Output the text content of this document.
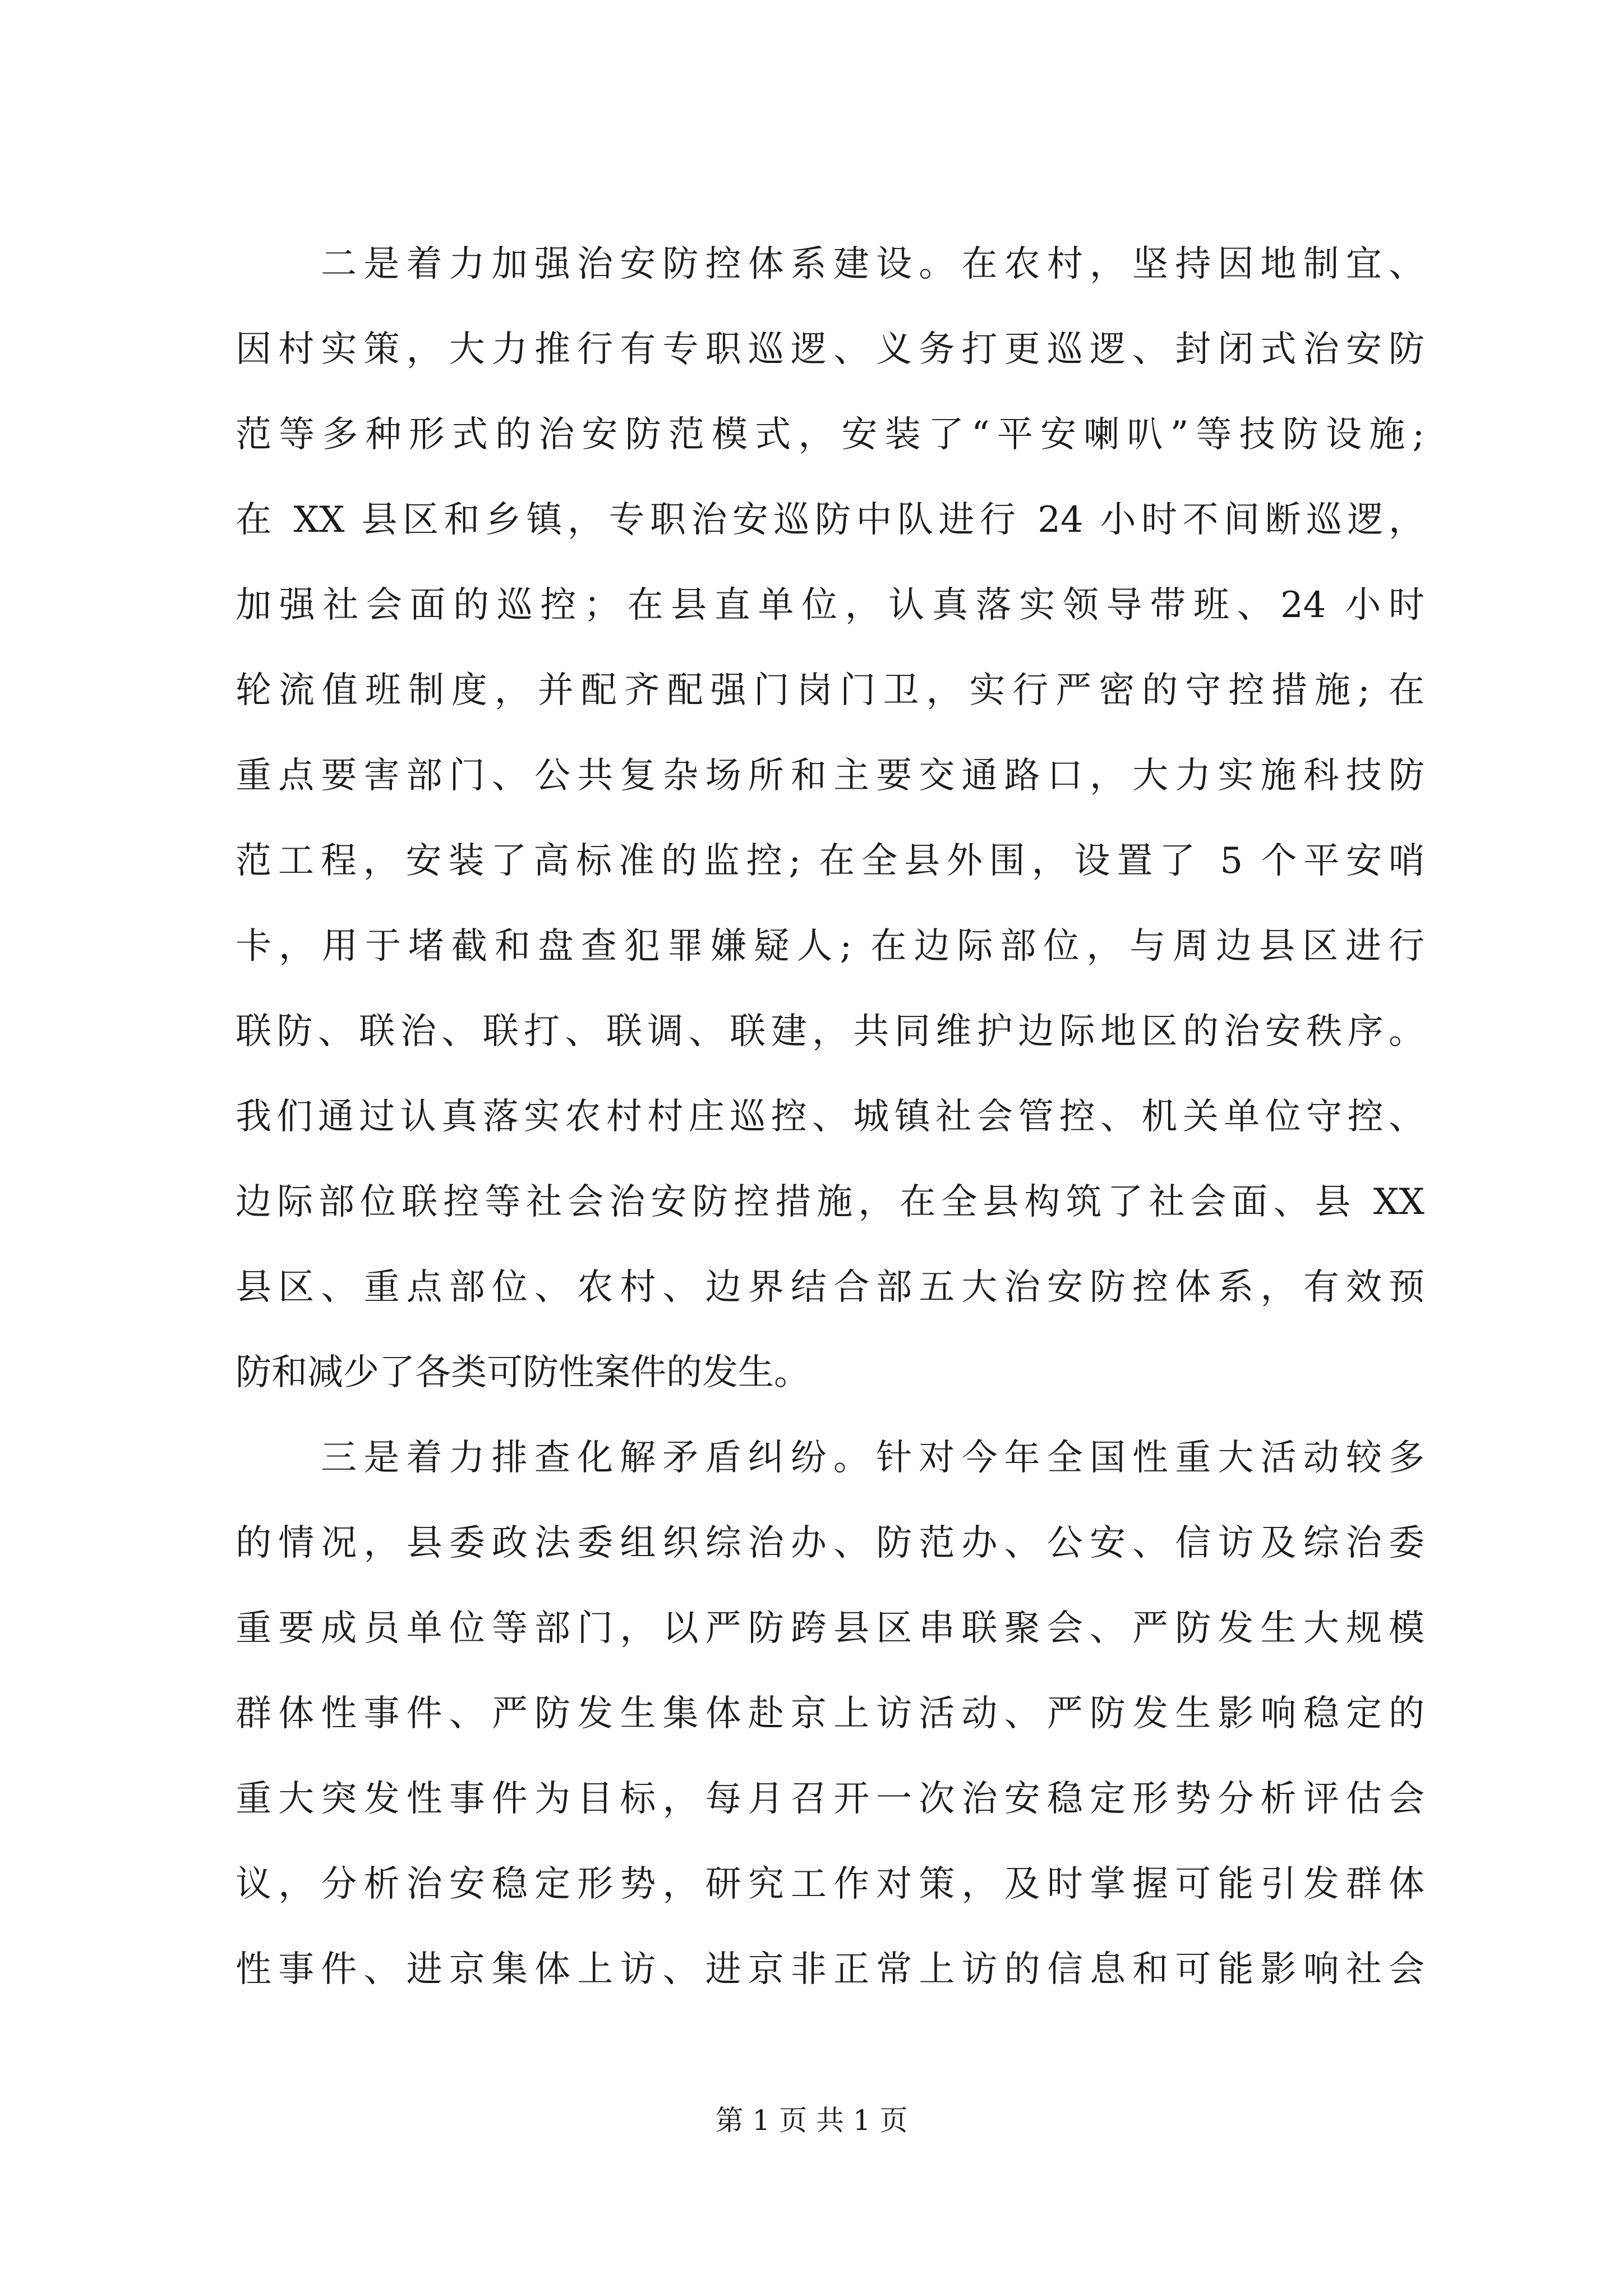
二是着力加强治安防控体系建设。在农村，坚持因地制宜、
因村实策，大力推行有专职巡逻、义务打更巡逻、封闭式治安防
范等多种形式的治安防范模式，安装了“平安喇叭”等技防设施;
在 XX 县区和乡镇，专职治安巡防中队进行 24 小时不间断巡逻，
加强社会面的巡控；在县直单位，认真落实领导带班、24 小时
轮流值班制度，并配齐配强门岗门卫，实行严密的守控措施; 在
重点要害部门、公共复杂场所和主要交通路口，大力实施科技防
范工程，安装了高标准的监控; 在全县外围，设置了 5 个平安哨
卡，用于堵截和盘查犯罪嫌疑人; 在边际部位，与周边县区进行
联防、联治、联打、联调、联建，共同维护边际地区的治安秩序。
我们通过认真落实农村村庄巡控、城镇社会管控、机关单位守控、
边际部位联控等社会治安防控措施，在全县构筑了社会面、县 XX
县区、重点部位、农村、边界结合部五大治安防控体系，有效预
防和减少了各类可防性案件的发生。
三是着力排查化解矛盾纠纷。针对今年全国性重大活动较多
的情况，县委政法委组织综治办、防范办、公安、信访及综治委
重要成员单位等部门，以严防跨县区串联聚会、严防发生大规模
群体性事件、严防发生集体赴京上访活动、严防发生影响稳定的
重大突发性事件为目标，每月召开一次治安稳定形势分析评估会
议，分析治安稳定形势，研究工作对策，及时掌握可能引发群体
性事件、进京集体上访、进京非正常上访的信息和可能影响社会
第 1 页 共 1 页
